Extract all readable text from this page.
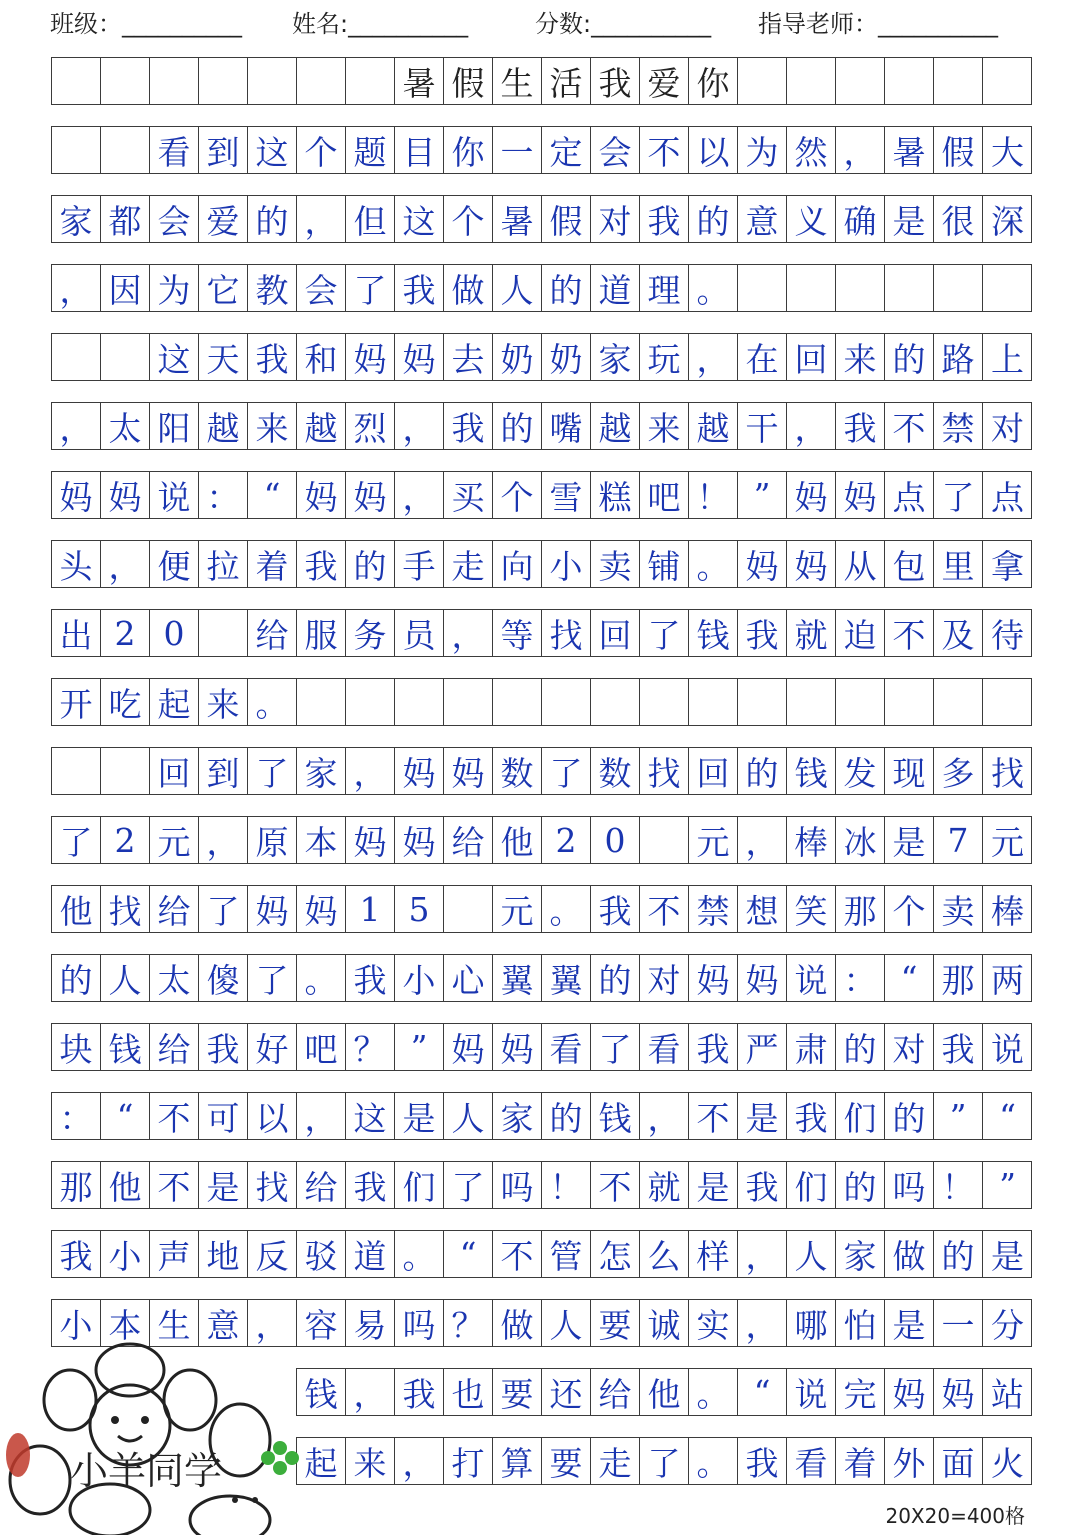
班级：__________ 姓名:__________	分数:__________ 指导老师：__________
暑 假 生 活 我 爱 你
看 到 这 个 题 目 你 一 定 会 不 以 为 然 ， 暑 假 大
家 都 会 爱 的 ， 但 这 个 暑 假 对 我 的 意 义 确 是 很 深
， 因 为 它 教 会 了 我 做 人 的 道 理 。
这 天 我 和 妈 妈 去 奶 奶 家 玩 ， 在 回 来 的 路 上
， 太 阳 越 来 越 烈 ， 我 的 嘴 越 来 越 干 ， 我 不 禁 对
妈 妈 说 ： “ 妈 妈 ， 买 个 雪 糕 吧 ！ ” 妈 妈 点 了 点
头 ， 便 拉 着 我 的 手 走 向 小 卖 铺 。 妈 妈 从 包 里 拿
出 2 0	给 服 务 员 ， 等 找 回 了 钱 我 就 迫 不 及 待
开 吃 起 来 。
回 到 了 家 ， 妈 妈 数 了 数 找 回 的 钱 发 现 多 找
了 2 元 ， 原 本 妈 妈 给 他 2 0	元 ， 棒 冰 是 7 元
他 找 给 了 妈 妈 1 5	元 。 我 不 禁 想 笑 那 个 卖 棒
的 人 太 傻 了 。 我 小 心 翼 翼 的 对 妈 妈 说 ： “ 那 两
块 钱 给 我 好 吧 ？ ” 妈 妈 看 了 看 我 严 肃 的 对 我 说
： “ 不 可 以 ， 这 是 人 家 的 钱 ， 不 是 我 们 的 ” “
那 他 不 是 找 给 我 们 了 吗 ！ 不 就 是 我 们 的 吗 ！ ”
我 小 声 地 反 驳 道 。 “ 不 管 怎 么 样 ， 人 家 做 的 是
小 本 生 意 ， 容 易 吗 ？ 做 人 要 诚 实 ， 哪 怕 是 一 分
钱 ， 我 也 要 还 给 他 。 “ 说 完 妈 妈 站
起 来 ， 打 算 要 走 了 。 我 看 着 外 面 火
小羊同学
20X20=400格
